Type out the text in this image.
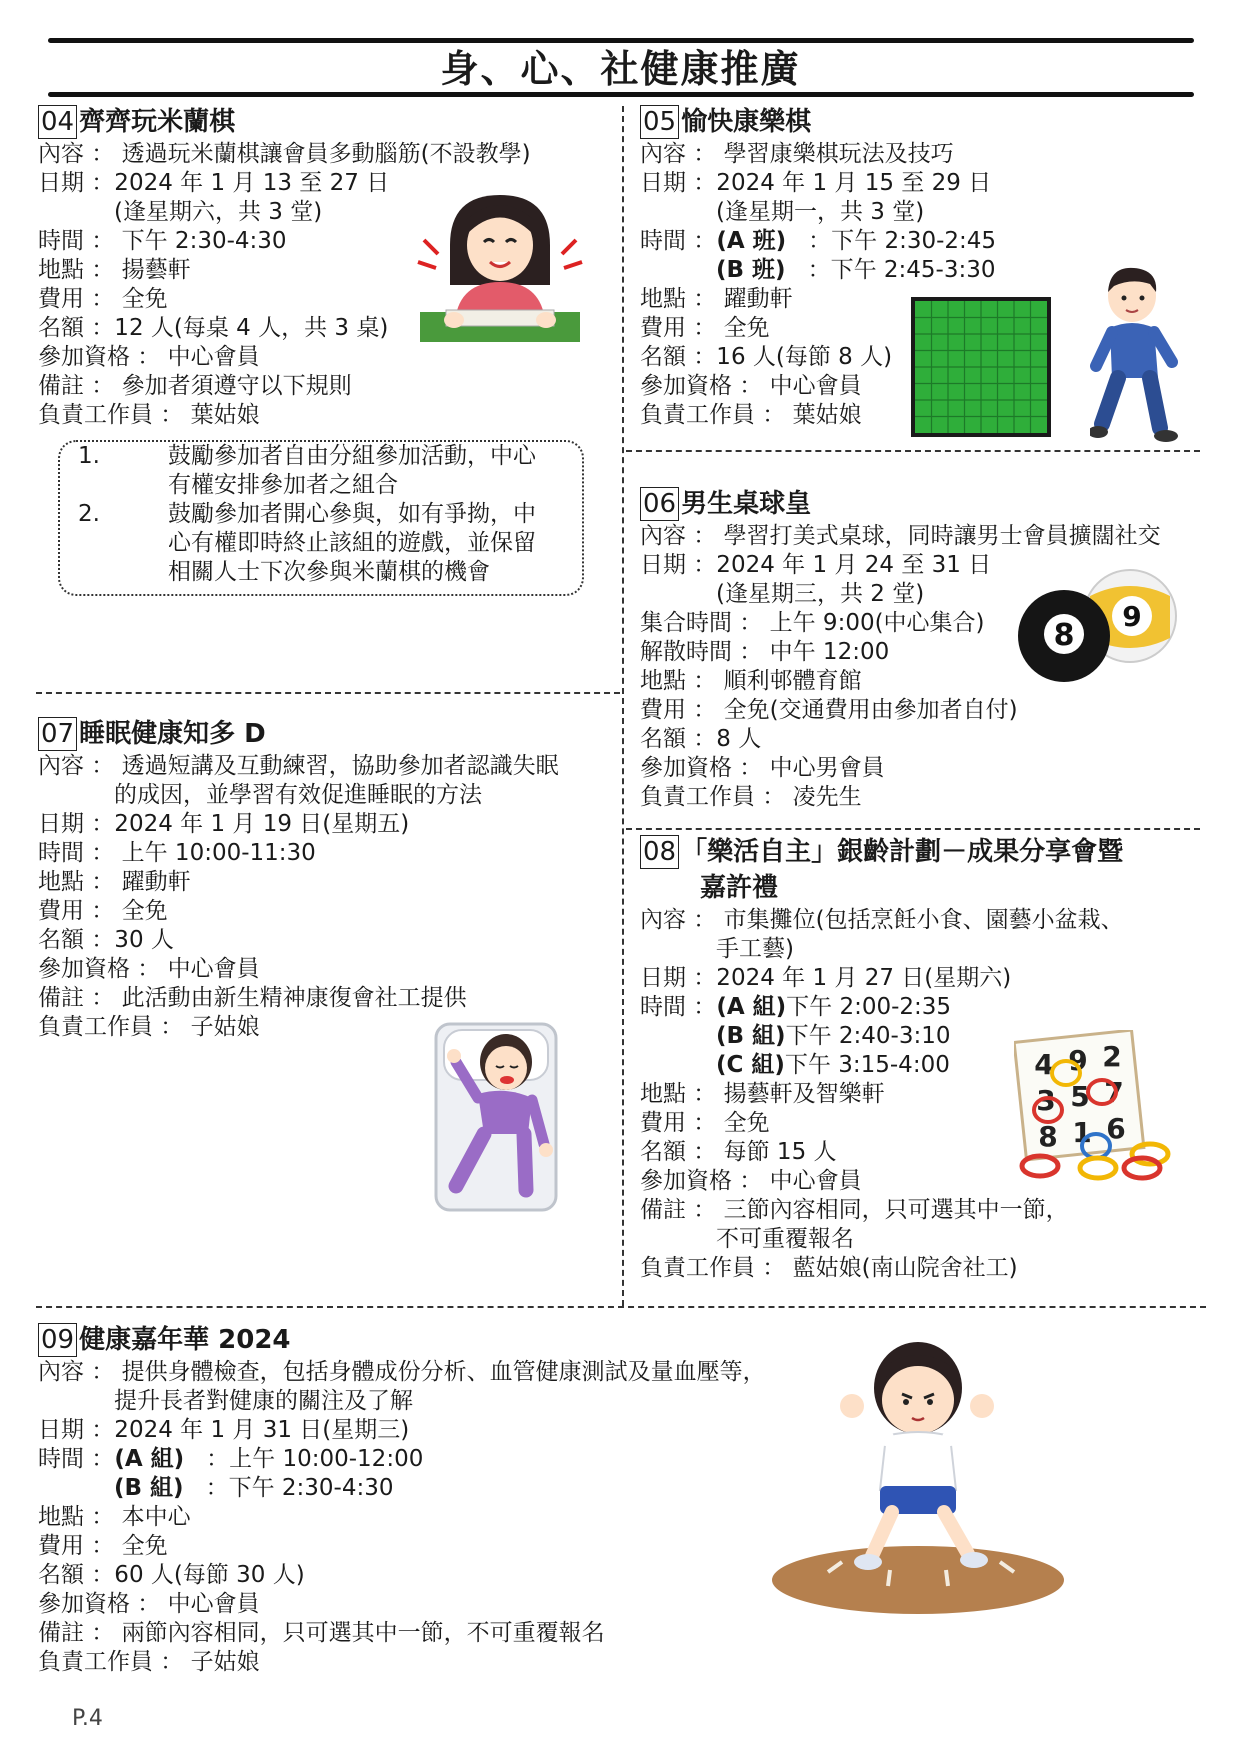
身、心、社健康推廣
04 齊齊玩米蘭棋
內容 ： 透過玩米蘭棋讓會員多動腦筋(不設教學)
日期 ：2024 年 1 月 13 至 27 日
(逢星期六，共 3 堂)
時間 ： 下午 2:30-4:30
地點 ： 揚藝軒
費用 ： 全免
名額 ：12 人(每桌 4 人，共 3 桌)
參加資格 ： 中心會員
備註 ： 參加者須遵守以下規則
負責工作員 ： 葉姑娘
1.	鼓勵參加者自由分組參加活動，中心
有權安排參加者之組合
2.	鼓勵參加者開心參與，如有爭拗，中
心有權即時終止該組的遊戲，並保留
相關人士下次參與米蘭棋的機會
05 愉快康樂棋
內容 ： 學習康樂棋玩法及技巧
日期 ：2024 年 1 月 15 至 29 日
(逢星期一，共 3 堂)
時間 ： (A 班) ：下午 2:30-2:45
(B 班) ：下午 2:45-3:30
地點 ： 躍動軒
費用 ： 全免
名額 ：16 人(每節 8 人)
參加資格 ： 中心會員
負責工作員 ： 葉姑娘
06 男生桌球皇
內容 ： 學習打美式桌球，同時讓男士會員擴闊社交
日期 ：2024 年 1 月 24 至 31 日
(逢星期三，共 2 堂)
集合時間 ： 上午 9:00(中心集合)
解散時間 ： 中午 12:00
地點 ： 順利邨體育館
費用 ： 全免(交通費用由參加者自付)
名額 ：8 人
參加資格 ： 中心男會員
負責工作員 ： 凌先生
9
8
07 睡眠健康知多 D
內容 ： 透過短講及互動練習，協助參加者認識失眠
的成因，並學習有效促進睡眠的方法
日期 ：2024 年 1 月 19 日(星期五)
時間 ： 上午 10:00-11:30
地點 ： 躍動軒
費用 ： 全免
名額 ：30 人
參加資格 ： 中心會員
備註 ： 此活動由新生精神康復會社工提供
負責工作員 ： 子姑娘
08 「樂活自主」銀齡計劃－成果分享會暨
嘉許禮
內容 ： 市集攤位(包括烹飪小食、園藝小盆栽、
手工藝)
日期 ：2024 年 1 月 27 日(星期六)
時間 ： (A 組) 下午 2:00-2:35
(B 組) 下午 2:40-3:10
(C 組) 下午 3:15-4:00
地點 ： 揚藝軒及智樂軒
費用 ： 全免
名額 ： 每節 15 人
參加資格 ： 中心會員
備註 ： 三節內容相同，只可選其中一節，
不可重覆報名
負責工作員 ： 藍姑娘(南山院舍社工)
4 9 2
3 5 7
8 1 6
09 健康嘉年華 2024
內容 ： 提供身體檢查，包括身體成份分析、血管健康測試及量血壓等，
提升長者對健康的關注及了解
日期 ：2024 年 1 月 31 日(星期三)
時間 ： (A 組) ：上午 10:00-12:00
(B 組) ：下午 2:30-4:30
地點 ： 本中心
費用 ： 全免
名額 ：60 人(每節 30 人)
參加資格 ： 中心會員
備註 ： 兩節內容相同，只可選其中一節，不可重覆報名
負責工作員 ： 子姑娘
P.4
